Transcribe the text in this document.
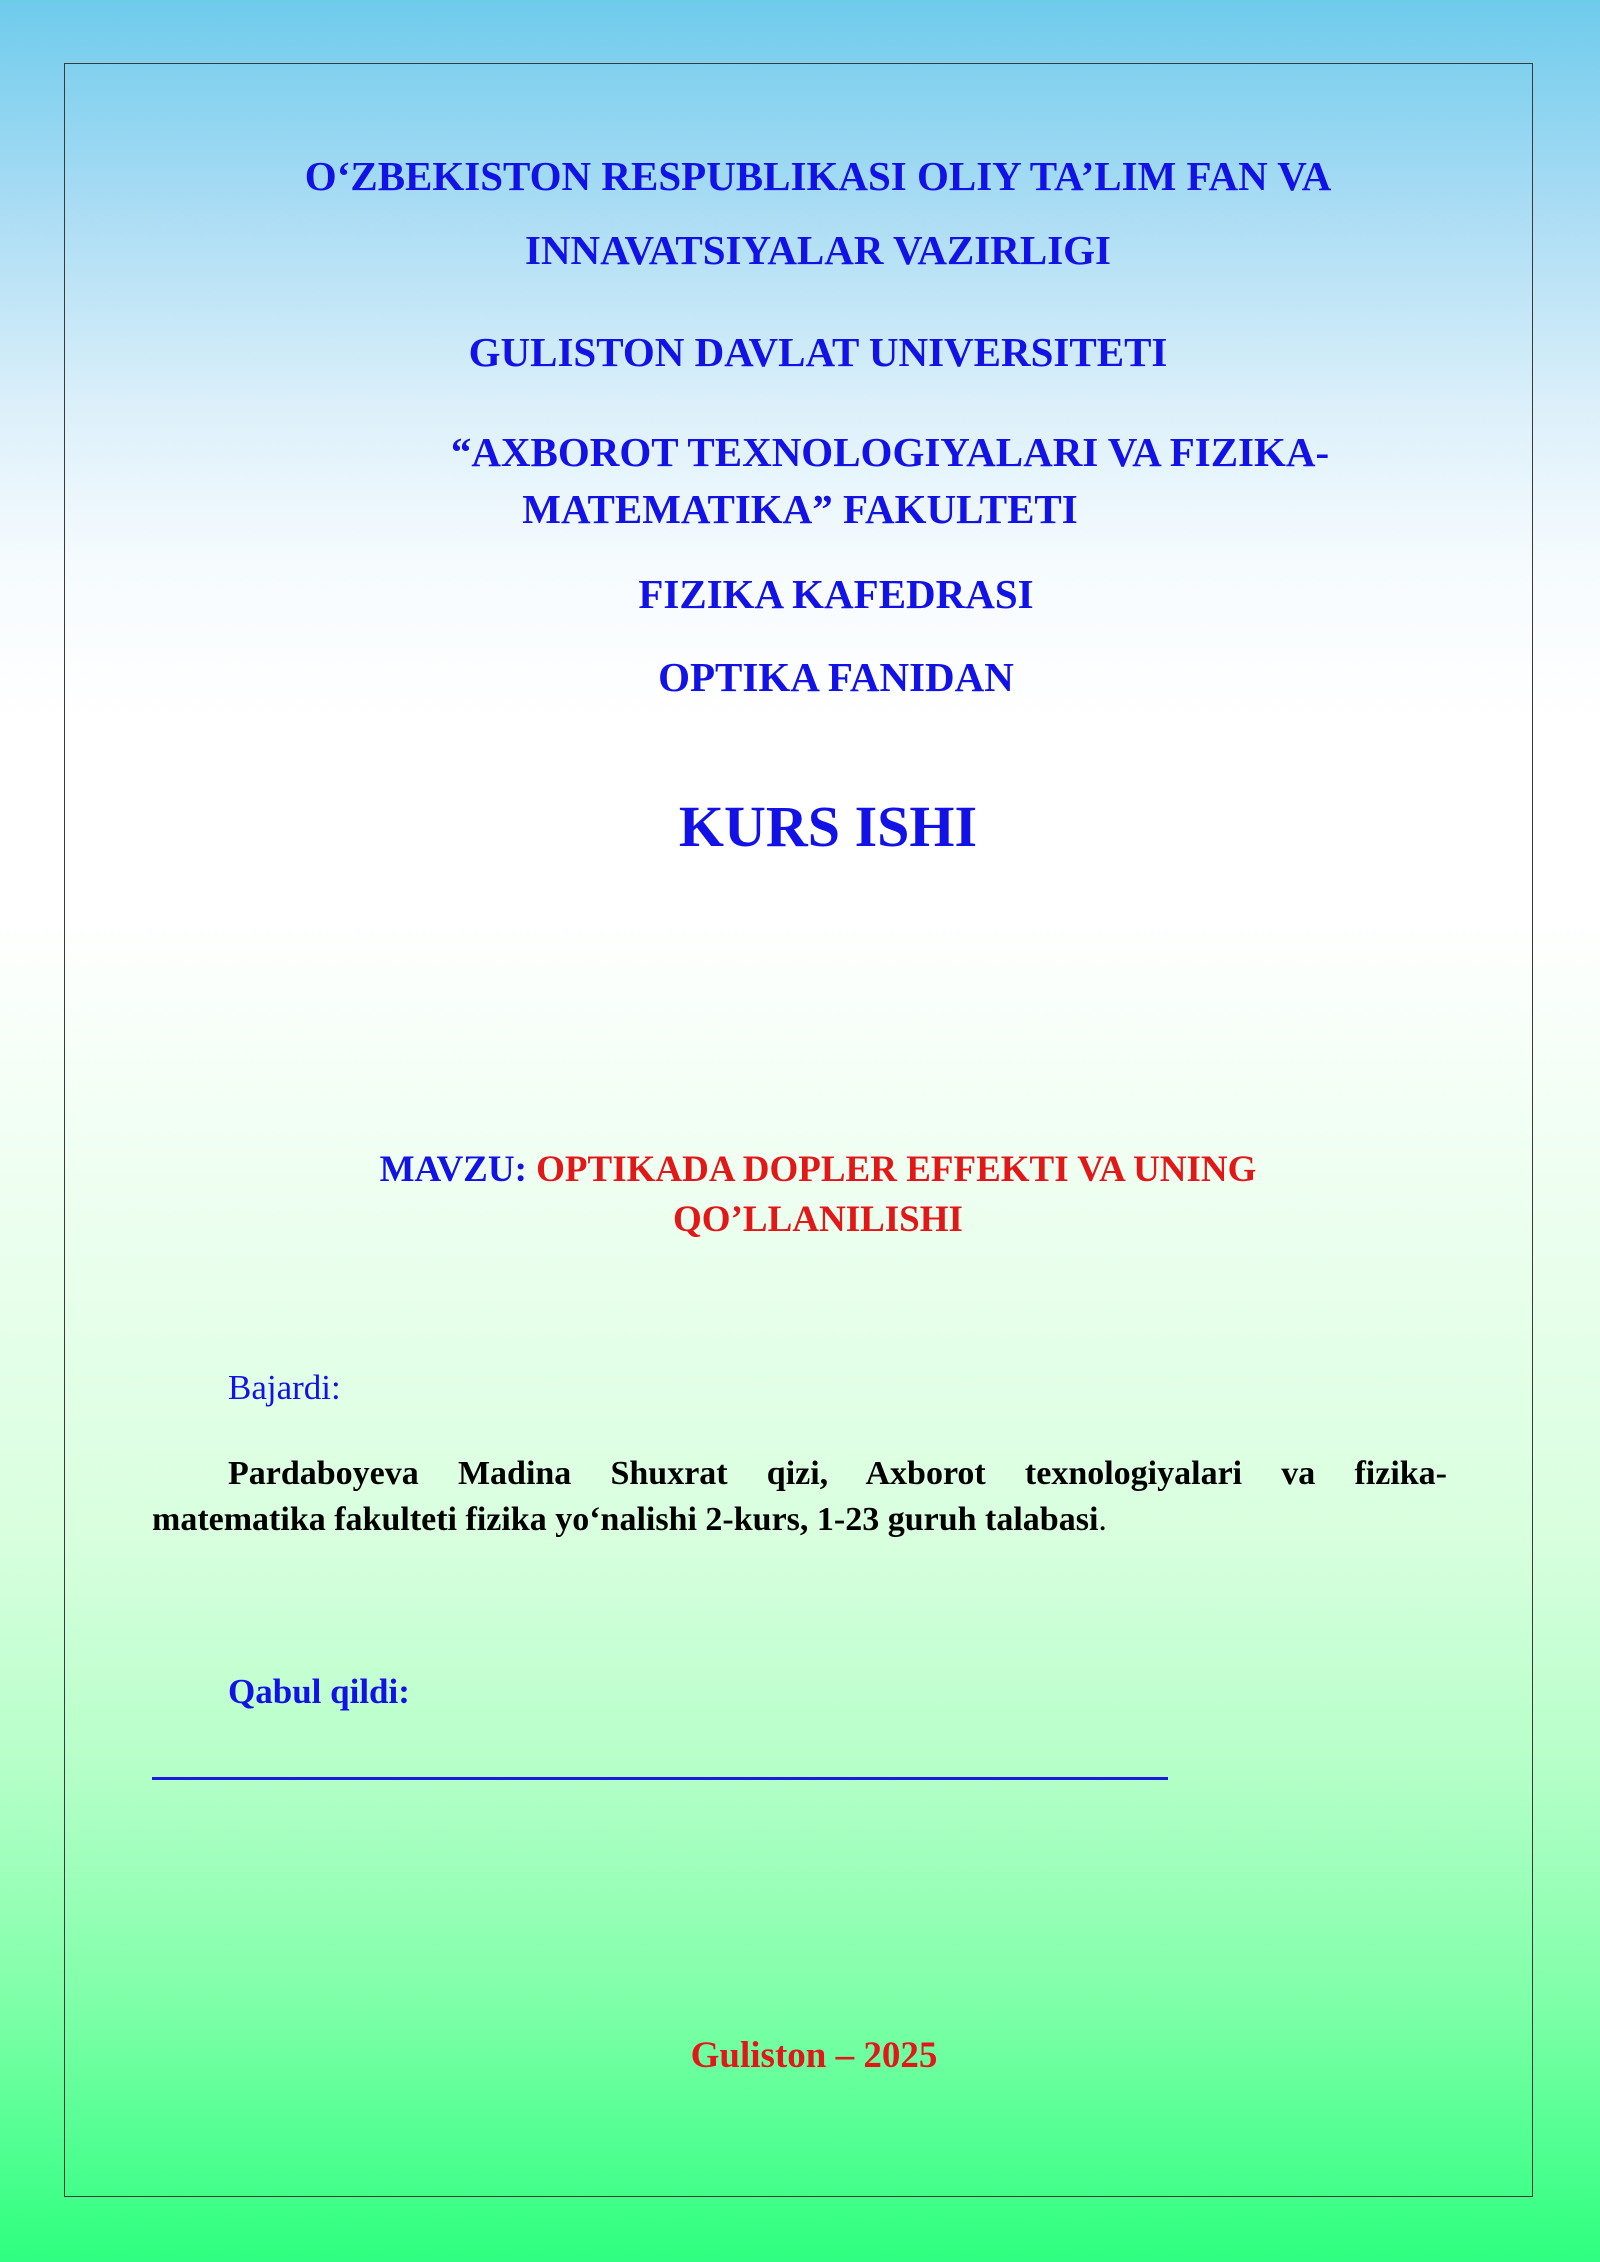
O‘ZBEKISTON RESPUBLIKASI OLIY TA’LIM FAN VA
INNAVATSIYALAR VAZIRLIGI
GULISTON DAVLAT UNIVERSITETI
“AXBOROT TEXNOLOGIYALARI VA FIZIKA-
MATEMATIKA” FAKULTETI
FIZIKA KAFEDRASI
OPTIKA FANIDAN
KURS ISHI
MAVZU: OPTIKADA DOPLER EFFEKTI VA UNING
QO’LLANILISHI
Bajardi:
Pardaboyeva Madina Shuxrat qizi, Axborot texnologiyalari va fizika-
matematika fakulteti fizika yo‘nalishi 2-kurs, 1-23 guruh talabasi.
Qabul qildi:
Guliston – 2025
